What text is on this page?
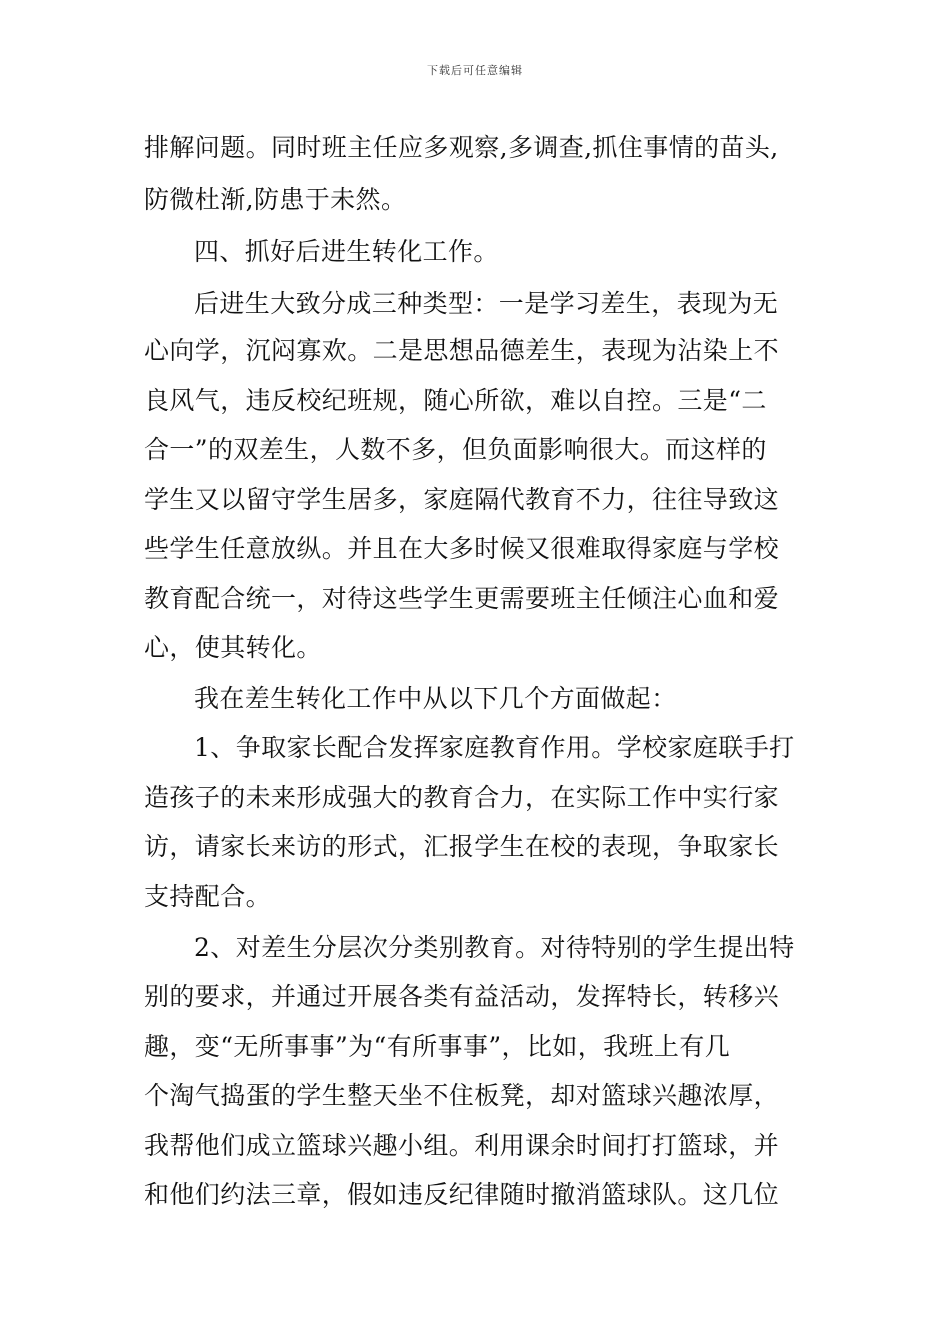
下载后可任意编辑
排解问题。同时班主任应多观察,多调查,抓住事情的苗头,
防微杜渐,防患于未然。
四、抓好后进生转化工作。
后进生大致分成三种类型：一是学习差生，表现为无
心向学，沉闷寡欢。二是思想品德差生，表现为沾染上不
良风气，违反校纪班规，随心所欲，难以自控。三是“二
合一”的双差生，人数不多，但负面影响很大。而这样的
学生又以留守学生居多，家庭隔代教育不力，往往导致这
些学生任意放纵。并且在大多时候又很难取得家庭与学校
教育配合统一，对待这些学生更需要班主任倾注心血和爱
心，使其转化。
我在差生转化工作中从以下几个方面做起：
1、争取家长配合发挥家庭教育作用。学校家庭联手打
造孩子的未来形成强大的教育合力，在实际工作中实行家
访，请家长来访的形式，汇报学生在校的表现，争取家长
支持配合。
2、对差生分层次分类别教育。对待特别的学生提出特
别的要求，并通过开展各类有益活动，发挥特长，转移兴
趣，变“无所事事”为“有所事事”，比如，我班上有几
个淘气捣蛋的学生整天坐不住板凳，却对篮球兴趣浓厚，
我帮他们成立篮球兴趣小组。利用课余时间打打篮球，并
和他们约法三章，假如违反纪律随时撤消篮球队。这几位
